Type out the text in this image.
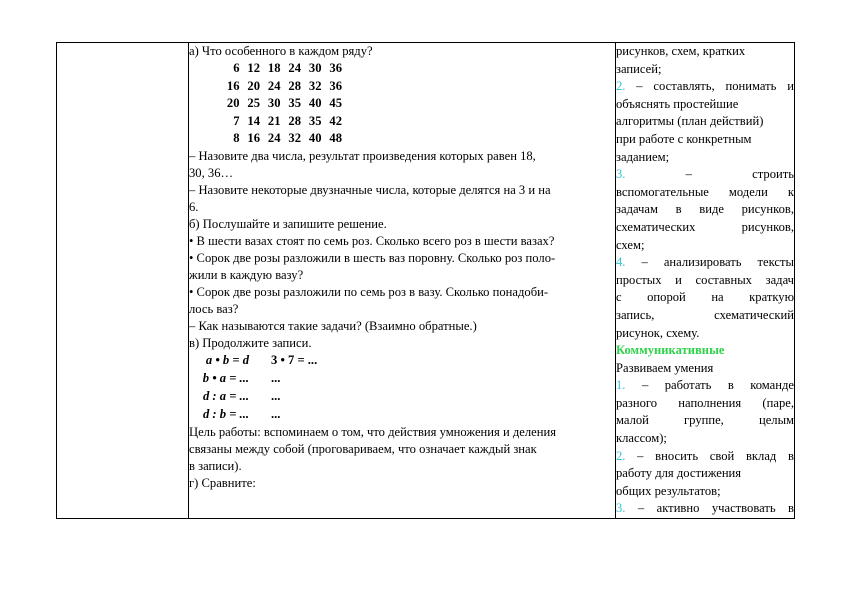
а) Что особенного в каждом ряду?
6 12 18 24 30 36
16 20 24 28 32 36
20 25 30 35 40 45
7 14 21 28 35 42
8 16 24 32 40 48
– Назовите два числа, результат произведения которых равен 18,
30, 36…
– Назовите некоторые двузначные числа, которые делятся на 3 и на
6.
б) Послушайте и запишите решение.
• В шести вазах стоят по семь роз. Сколько всего роз в шести вазах?
• Сорок две розы разложили в шесть ваз поровну. Сколько роз поло-
жили в каждую вазу?
• Сорок две розы разложили по семь роз в вазу. Сколько понадоби-
лось ваз?
– Как называются такие задачи? (Взаимно обратные.)
в) Продолжите записи.
a • b = d	3 • 7 = ...
b • a = ...	...
d : a = ...	...
d : b = ...	...
Цель работы: вспоминаем о том, что действия умножения и деления
связаны между собой (проговариваем, что означает каждый знак
в записи).
г) Сравните:

рисунков, схем, кратких
записей;
2. – составлять, понимать и
объяснять простейшие
алгоритмы (план действий)
при работе с конкретным
заданием;
3.	– строить
вспомогательные модели к
задачам в виде рисунков,
схематических рисунков,
схем;
4. – анализировать тексты
простых и составных задач
с опорой на краткую
запись, схематический
рисунок, схему.
Коммуникативные
Развиваем умения
1. – работать в команде
разного наполнения (паре,
малой группе, целым
классом);
2. – вносить свой вклад в
работу для достижения
общих результатов;
3. – активно участвовать в
